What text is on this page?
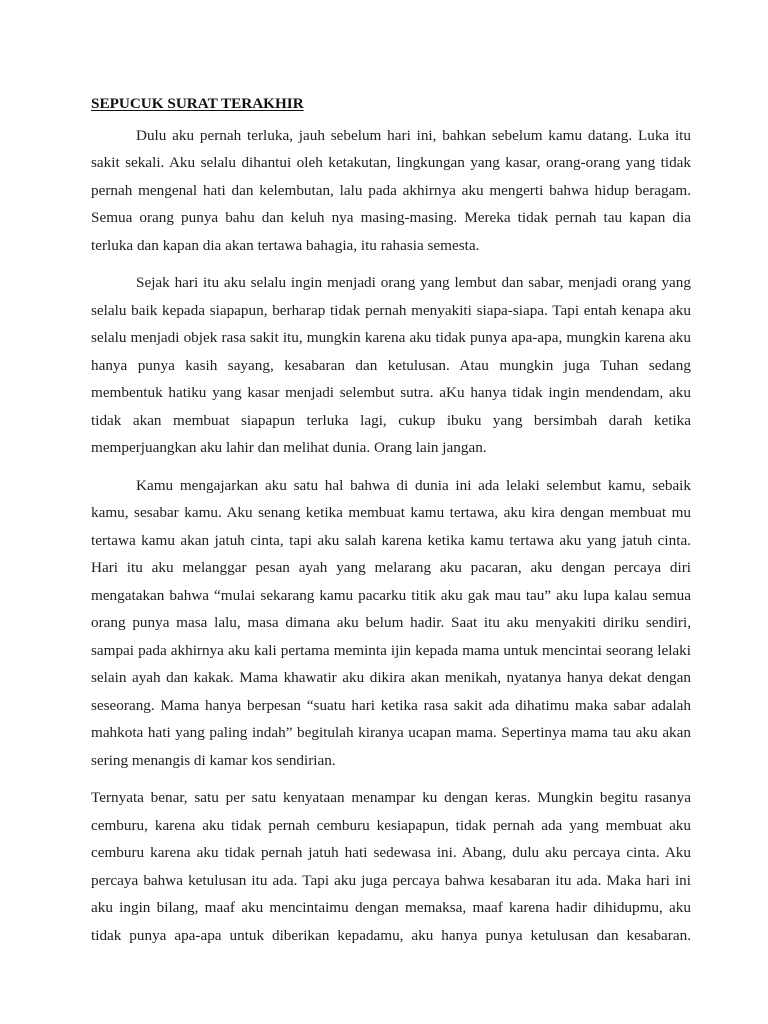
SEPUCUK SURAT TERAKHIR

Dulu aku pernah terluka, jauh sebelum hari ini, bahkan sebelum kamu datang. Luka itu sakit sekali. Aku selalu dihantui oleh ketakutan, lingkungan yang kasar, orang-orang yang tidak pernah mengenal hati dan kelembutan, lalu pada akhirnya aku mengerti bahwa hidup beragam. Semua orang punya bahu dan keluh nya masing-masing. Mereka tidak pernah tau kapan dia terluka dan kapan dia akan tertawa bahagia, itu rahasia semesta.

Sejak hari itu aku selalu ingin menjadi orang yang lembut dan sabar, menjadi orang yang selalu baik kepada siapapun, berharap tidak pernah menyakiti siapa-siapa. Tapi entah kenapa aku selalu menjadi objek rasa sakit itu, mungkin karena aku tidak punya apa-apa, mungkin karena aku hanya punya kasih sayang, kesabaran dan ketulusan. Atau mungkin juga Tuhan sedang membentuk hatiku yang kasar menjadi selembut sutra. aKu hanya tidak ingin mendendam, aku tidak akan membuat siapapun terluka lagi, cukup ibuku yang bersimbah darah ketika memperjuangkan aku lahir dan melihat dunia. Orang lain jangan.

Kamu mengajarkan aku satu hal bahwa di dunia ini ada lelaki selembut kamu, sebaik kamu, sesabar kamu. Aku senang ketika membuat kamu tertawa, aku kira dengan membuat mu tertawa kamu akan jatuh cinta, tapi aku salah karena ketika kamu tertawa aku yang jatuh cinta. Hari itu aku melanggar pesan ayah yang melarang aku pacaran, aku dengan percaya diri mengatakan bahwa “mulai sekarang kamu pacarku titik aku gak mau tau” aku lupa kalau semua orang punya masa lalu, masa dimana aku belum hadir. Saat itu aku menyakiti diriku sendiri, sampai pada akhirnya aku kali pertama meminta ijin kepada mama untuk mencintai seorang lelaki selain ayah dan kakak. Mama khawatir aku dikira akan menikah, nyatanya hanya dekat dengan seseorang. Mama hanya berpesan “suatu hari ketika rasa sakit ada dihatimu maka sabar adalah mahkota hati yang paling indah” begitulah kiranya ucapan mama. Sepertinya mama tau aku akan sering menangis di kamar kos sendirian.

Ternyata benar, satu per satu kenyataan menampar ku dengan keras. Mungkin begitu rasanya cemburu, karena aku tidak pernah cemburu kesiapapun, tidak pernah ada yang membuat aku cemburu karena aku tidak pernah jatuh hati sedewasa ini. Abang, dulu aku percaya cinta. Aku percaya bahwa ketulusan itu ada. Tapi aku juga percaya bahwa kesabaran itu ada. Maka hari ini aku ingin bilang, maaf aku mencintaimu dengan memaksa, maaf karena hadir dihidupmu, aku tidak punya apa-apa untuk diberikan kepadamu, aku hanya punya ketulusan dan kesabaran.
